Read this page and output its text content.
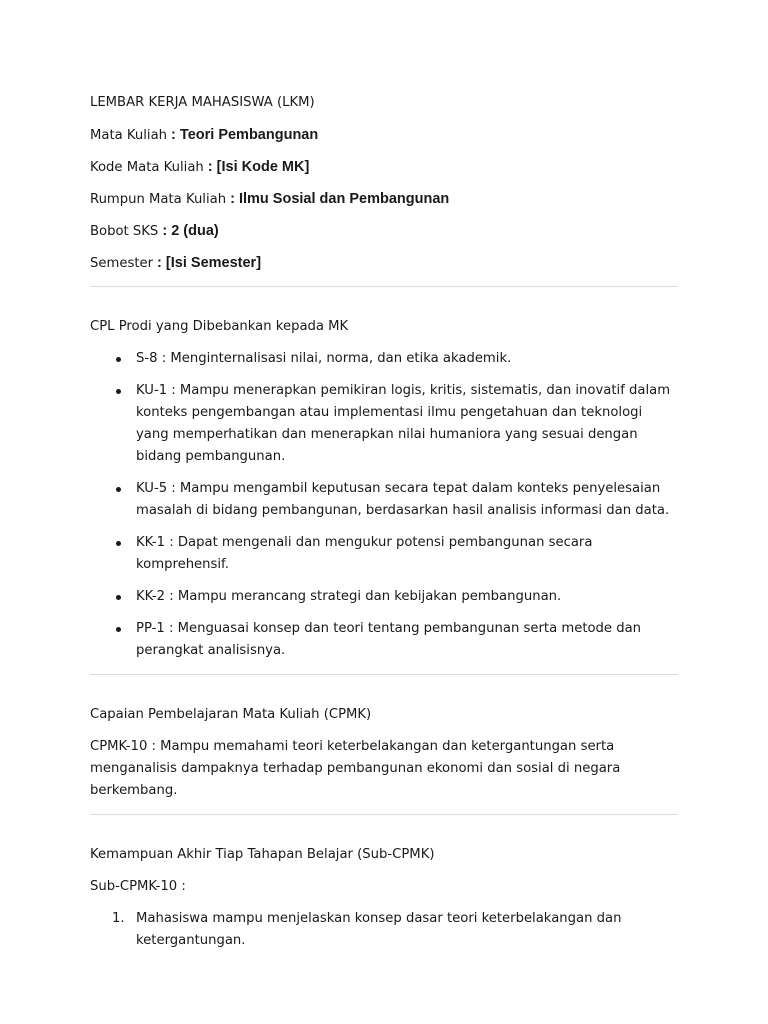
LEMBAR KERJA MAHASISWA (LKM)

Mata Kuliah : Teori Pembangunan

Kode Mata Kuliah : [Isi Kode MK]

Rumpun Mata Kuliah : Ilmu Sosial dan Pembangunan

Bobot SKS : 2 (dua)

Semester : [Isi Semester]

CPL Prodi yang Dibebankan kepada MK

S-8 : Menginternalisasi nilai, norma, dan etika akademik.
KU-1 : Mampu menerapkan pemikiran logis, kritis, sistematis, dan inovatif dalam konteks pengembangan atau implementasi ilmu pengetahuan dan teknologi yang memperhatikan dan menerapkan nilai humaniora yang sesuai dengan bidang pembangunan.
KU-5 : Mampu mengambil keputusan secara tepat dalam konteks penyelesaian masalah di bidang pembangunan, berdasarkan hasil analisis informasi dan data.
KK-1 : Dapat mengenali dan mengukur potensi pembangunan secara komprehensif.
KK-2 : Mampu merancang strategi dan kebijakan pembangunan.
PP-1 : Menguasai konsep dan teori tentang pembangunan serta metode dan perangkat analisisnya.

Capaian Pembelajaran Mata Kuliah (CPMK)

CPMK-10 : Mampu memahami teori keterbelakangan dan ketergantungan serta menganalisis dampaknya terhadap pembangunan ekonomi dan sosial di negara berkembang.

Kemampuan Akhir Tiap Tahapan Belajar (Sub-CPMK)

Sub-CPMK-10 :

1. Mahasiswa mampu menjelaskan konsep dasar teori keterbelakangan dan ketergantungan.
